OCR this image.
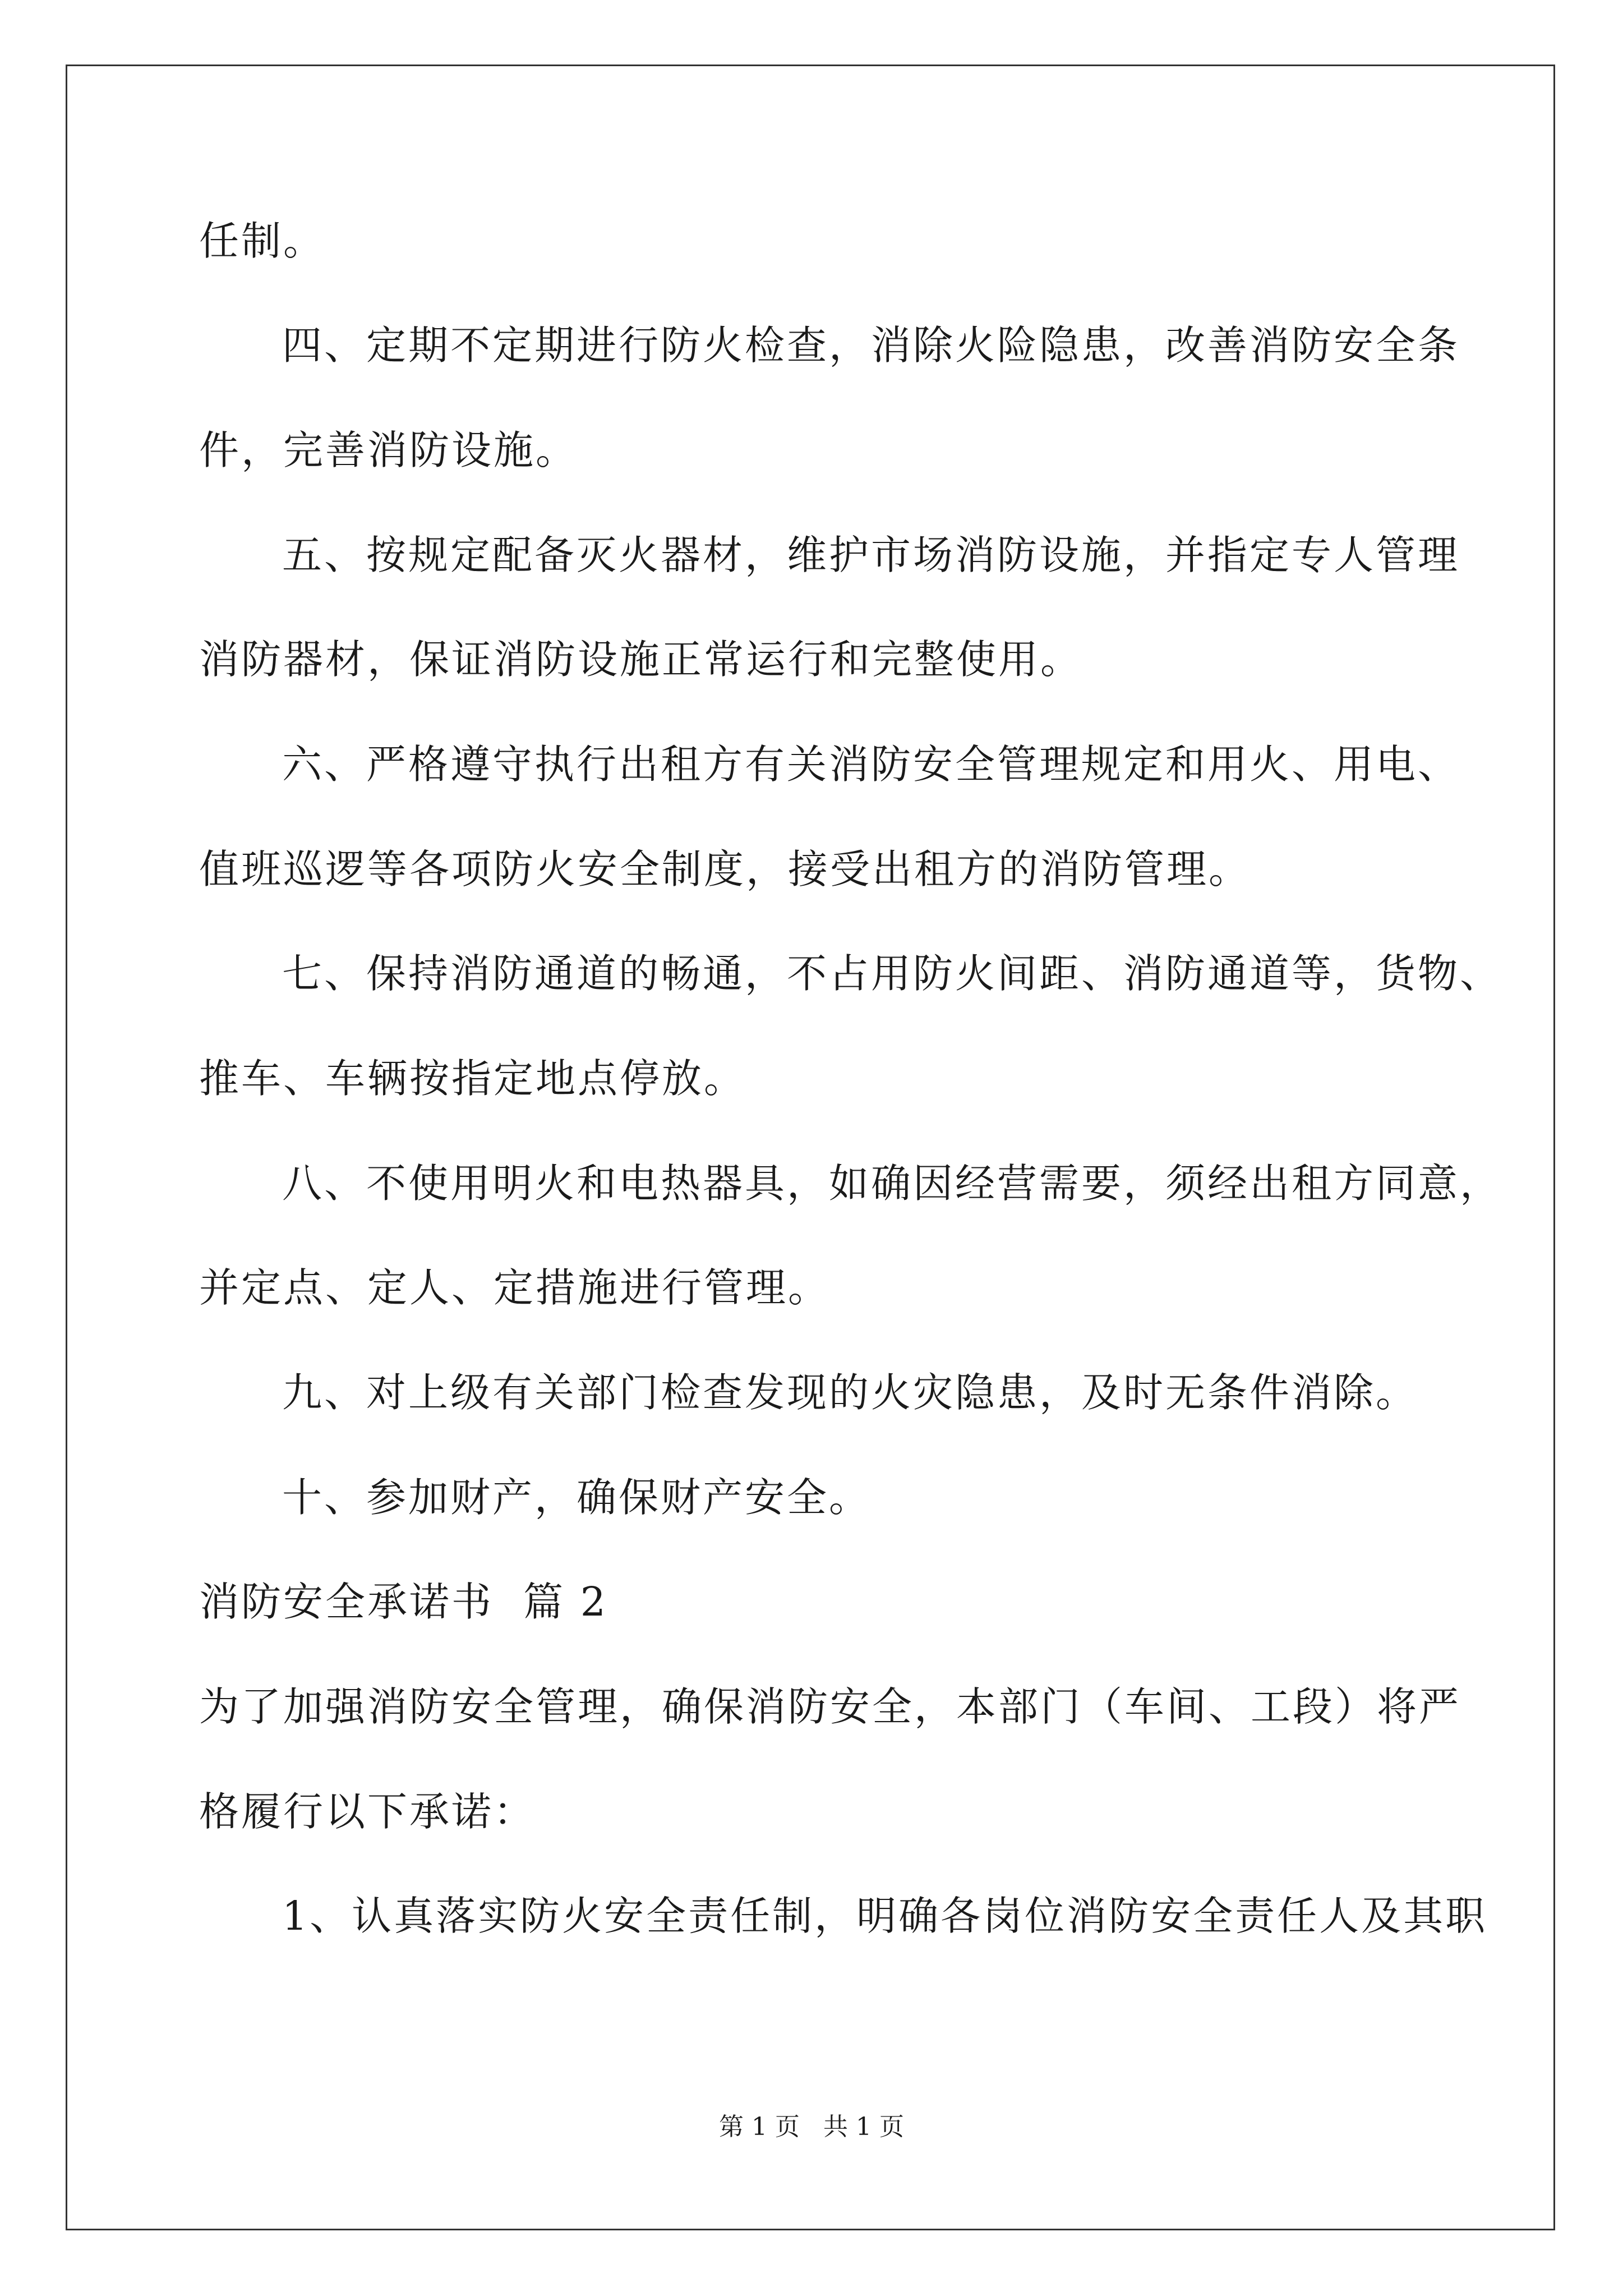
任制。
四、定期不定期进行防火检查，消除火险隐患，改善消防安全条
件，完善消防设施。
五、按规定配备灭火器材，维护市场消防设施，并指定专人管理
消防器材，保证消防设施正常运行和完整使用。
六、严格遵守执行出租方有关消防安全管理规定和用火、用电、
值班巡逻等各项防火安全制度，接受出租方的消防管理。
七、保持消防通道的畅通，不占用防火间距、消防通道等，货物、
推车、车辆按指定地点停放。
八、不使用明火和电热器具，如确因经营需要，须经出租方同意，
并定点、定人、定措施进行管理。
九、对上级有关部门检查发现的火灾隐患，及时无条件消除。
十、参加财产，确保财产安全。
消防安全承诺书  篇 2
为了加强消防安全管理，确保消防安全，本部门（车间、工段）将严
格履行以下承诺：
1、认真落实防火安全责任制，明确各岗位消防安全责任人及其职
第 1 页   共 1 页
